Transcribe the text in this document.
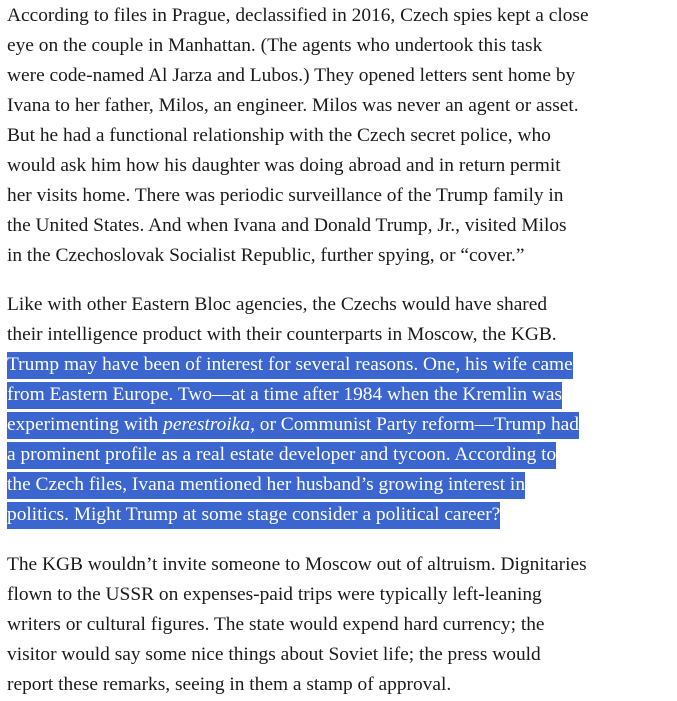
According to files in Prague, declassified in 2016, Czech spies kept a close
eye on the couple in Manhattan. (The agents who undertook this task
were code-named Al Jarza and Lubos.) They opened letters sent home by
Ivana to her father, Milos, an engineer. Milos was never an agent or asset.
But he had a functional relationship with the Czech secret police, who
would ask him how his daughter was doing abroad and in return permit
her visits home. There was periodic surveillance of the Trump family in
the United States. And when Ivana and Donald Trump, Jr., visited Milos
in the Czechoslovak Socialist Republic, further spying, or “cover.”

Like with other Eastern Bloc agencies, the Czechs would have shared
their intelligence product with their counterparts in Moscow, the KGB.
Trump may have been of interest for several reasons. One, his wife came
from Eastern Europe. Two—at a time after 1984 when the Kremlin was
experimenting with perestroika, or Communist Party reform—Trump had
a prominent profile as a real estate developer and tycoon. According to
the Czech files, Ivana mentioned her husband’s growing interest in
politics. Might Trump at some stage consider a political career?

The KGB wouldn’t invite someone to Moscow out of altruism. Dignitaries
flown to the USSR on expenses-paid trips were typically left-leaning
writers or cultural figures. The state would expend hard currency; the
visitor would say some nice things about Soviet life; the press would
report these remarks, seeing in them a stamp of approval.
